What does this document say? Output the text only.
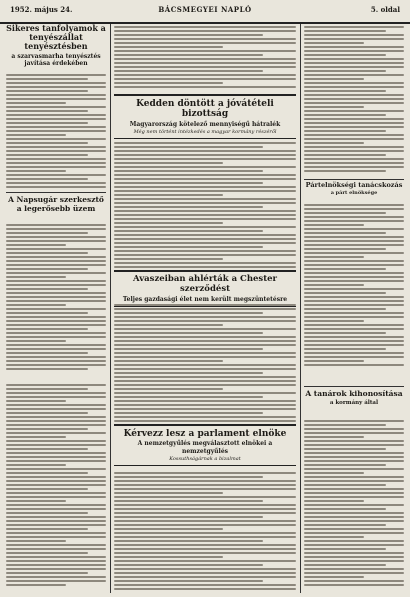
1952. május 24.	BÁCSMEGYEI NAPLÓ	5. oldal
Sikeres tanfolyamok a tenyészállat tenyésztésben
a szarvasmarha tenyésztés javítása érdekében
A Napsugár szerkesztő a legerősebb üzem
Kedden döntött a jóvátételi bizottság
Magyarország kötelező mennyiségű hátralék
Még nem történt intézkedés a magyar kormány részéről
Avaszeiban ahlérták a Chester szerződést
Teljes gazdasági élet nem került megszüntetésre
Kérvezz lesz a parlament elnöke
A nemzetgyűlés megválasztott elnökei a nemzetgyűlés
Kossuthságárnak a bizalmat
Pártelnökségi tanácskozás
a párt elnöksége
A tanárok kihonosítása
a kormány által
